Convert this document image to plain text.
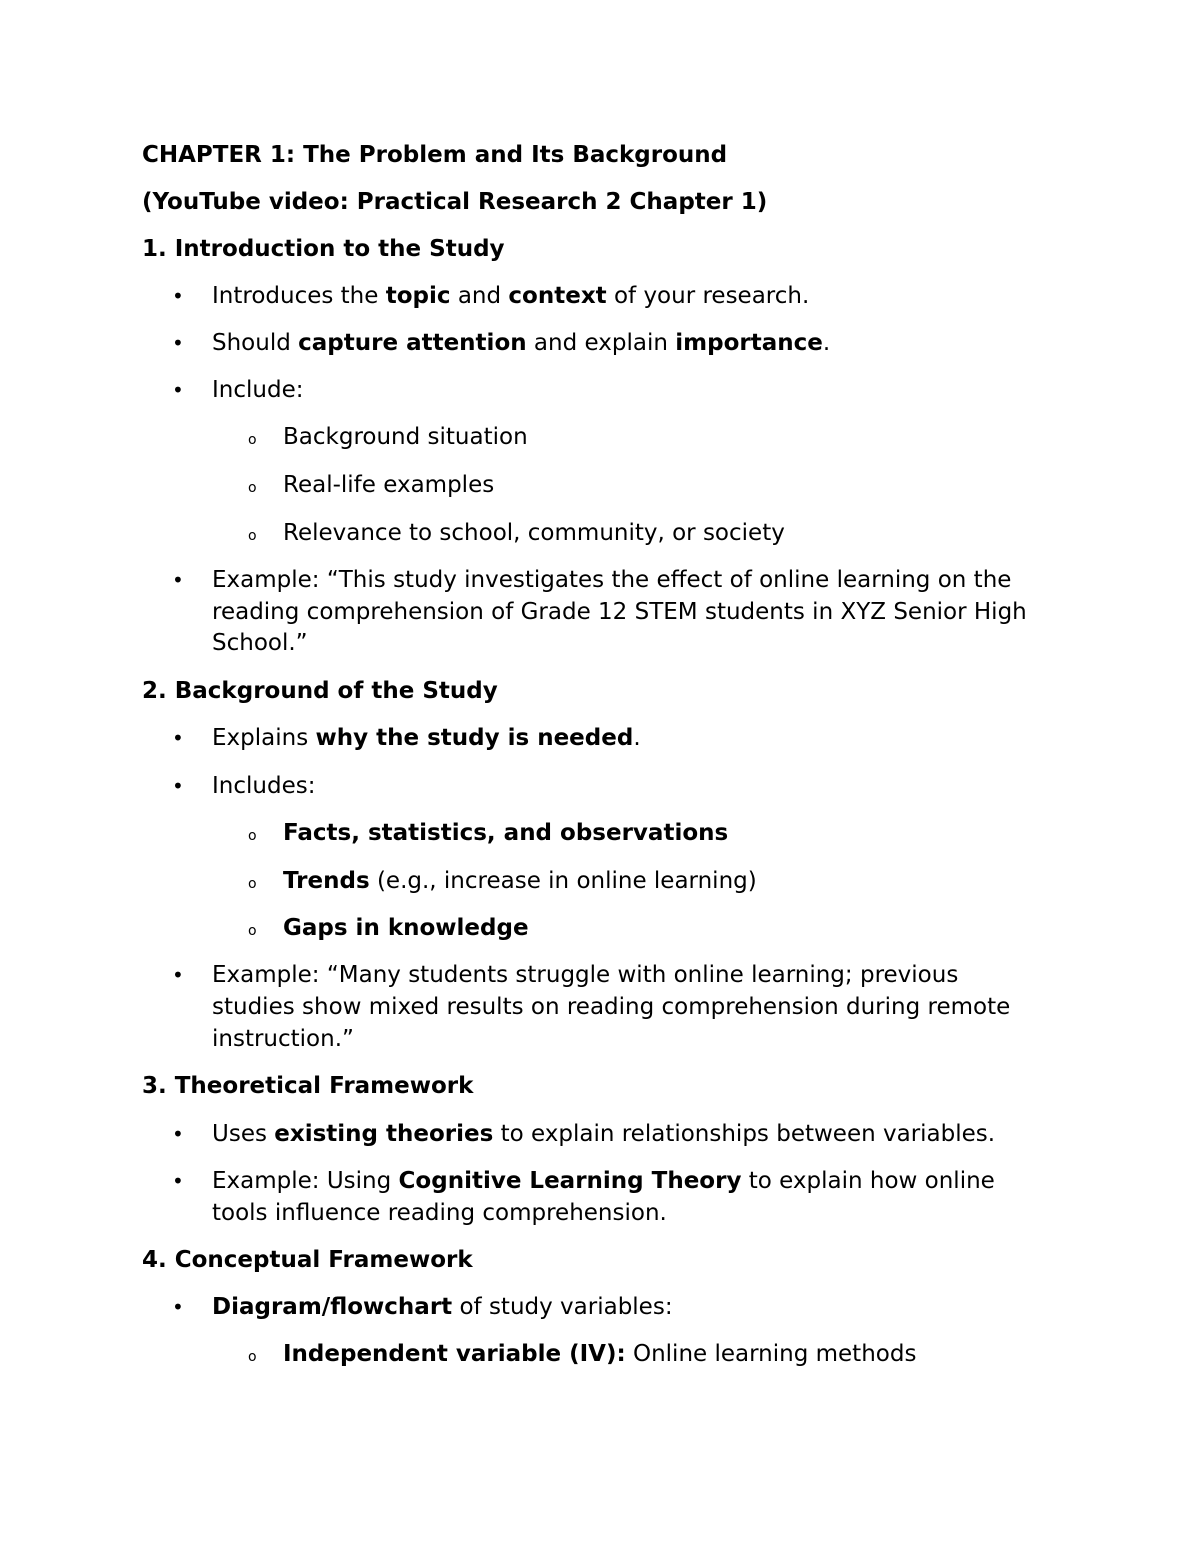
CHAPTER 1: The Problem and Its Background
(YouTube video: Practical Research 2 Chapter 1)
1. Introduction to the Study
• Introduces the topic and context of your research.
• Should capture attention and explain importance.
• Include:
o Background situation
o Real-life examples
o Relevance to school, community, or society
• Example: “This study investigates the effect of online learning on the
reading comprehension of Grade 12 STEM students in XYZ Senior High
School.”
2. Background of the Study
• Explains why the study is needed.
• Includes:
o Facts, statistics, and observations
o Trends (e.g., increase in online learning)
o Gaps in knowledge
• Example: “Many students struggle with online learning; previous
studies show mixed results on reading comprehension during remote
instruction.”
3. Theoretical Framework
• Uses existing theories to explain relationships between variables.
• Example: Using Cognitive Learning Theory to explain how online
tools influence reading comprehension.
4. Conceptual Framework
• Diagram/flowchart of study variables:
o Independent variable (IV): Online learning methods
